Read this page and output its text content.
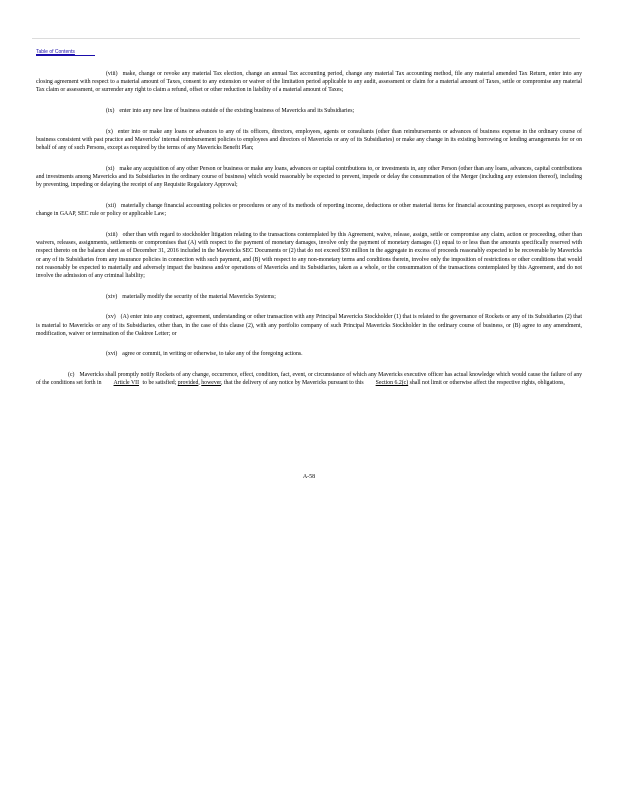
Table of Contents

(viii) make, change or revoke any material Tax election, change an annual Tax accounting period, change any material Tax accounting method, file any material amended Tax Return, enter into any closing agreement with respect to a material amount of Taxes, consent to any extension or waiver of the limitation period applicable to any audit, assessment or claim for a material amount of Taxes, settle or compromise any material Tax claim or assessment, or surrender any right to claim a refund, offset or other reduction in liability of a material amount of Taxes;

(ix) enter into any new line of business outside of the existing business of Mavericks and its Subsidiaries;

(x) enter into or make any loans or advances to any of its officers, directors, employees, agents or consultants (other than reimbursements or advances of business expense in the ordinary course of business consistent with past practice and Mavericks' internal reimbursement policies to employees and directors of Mavericks or any of its Subsidiaries) or make any change in its existing borrowing or lending arrangements for or on behalf of any of such Persons, except as required by the terms of any Mavericks Benefit Plan;

(xi) make any acquisition of any other Person or business or make any loans, advances or capital contributions to, or investments in, any other Person (other than any loans, advances, capital contributions and investments among Mavericks and its Subsidiaries in the ordinary course of business) which would reasonably be expected to prevent, impede or delay the consummation of the Merger (including any extension thereof), including by preventing, impeding or delaying the receipt of any Requisite Regulatory Approval;

(xii) materially change financial accounting policies or procedures or any of its methods of reporting income, deductions or other material items for financial accounting purposes, except as required by a change in GAAP, SEC rule or policy or applicable Law;

(xiii) other than with regard to stockholder litigation relating to the transactions contemplated by this Agreement, waive, release, assign, settle or compromise any claim, action or proceeding, other than waivers, releases, assignments, settlements or compromises that (A) with respect to the payment of monetary damages, involve only the payment of monetary damages (1) equal to or less than the amounts specifically reserved with respect thereto on the balance sheet as of December 31, 2016 included in the Mavericks SEC Documents or (2) that do not exceed $50 million in the aggregate in excess of proceeds reasonably expected to be recoverable by Mavericks or any of its Subsidiaries from any insurance policies in connection with such payment, and (B) with respect to any non-monetary terms and conditions therein, involve only the imposition of restrictions or other conditions that would not reasonably be expected to materially and adversely impact the business and/or operations of Mavericks and its Subsidiaries, taken as a whole, or the consummation of the transactions contemplated by this Agreement, and do not involve the admission of any criminal liability;

(xiv) materially modify the security of the material Mavericks Systems;

(xv) (A) enter into any contract, agreement, understanding or other transaction with any Principal Mavericks Stockholder (1) that is related to the governance of Rockets or any of its Subsidiaries (2) that is material to Mavericks or any of its Subsidiaries, other than, in the case of this clause (2), with any portfolio company of such Principal Mavericks Stockholder in the ordinary course of business, or (B) agree to any amendment, modification, waiver or termination of the Oaktree Letter; or

(xvi) agree or commit, in writing or otherwise, to take any of the foregoing actions.

(c) Mavericks shall promptly notify Rockets of any change, occurrence, effect, condition, fact, event, or circumstance of which any Mavericks executive officer has actual knowledge which would cause the failure of any of the conditions set forth in Article VII to be satisfied; provided, however, that the delivery of any notice by Mavericks pursuant to this Section 6.2(c) shall not limit or otherwise affect the respective rights, obligations,

A-58
